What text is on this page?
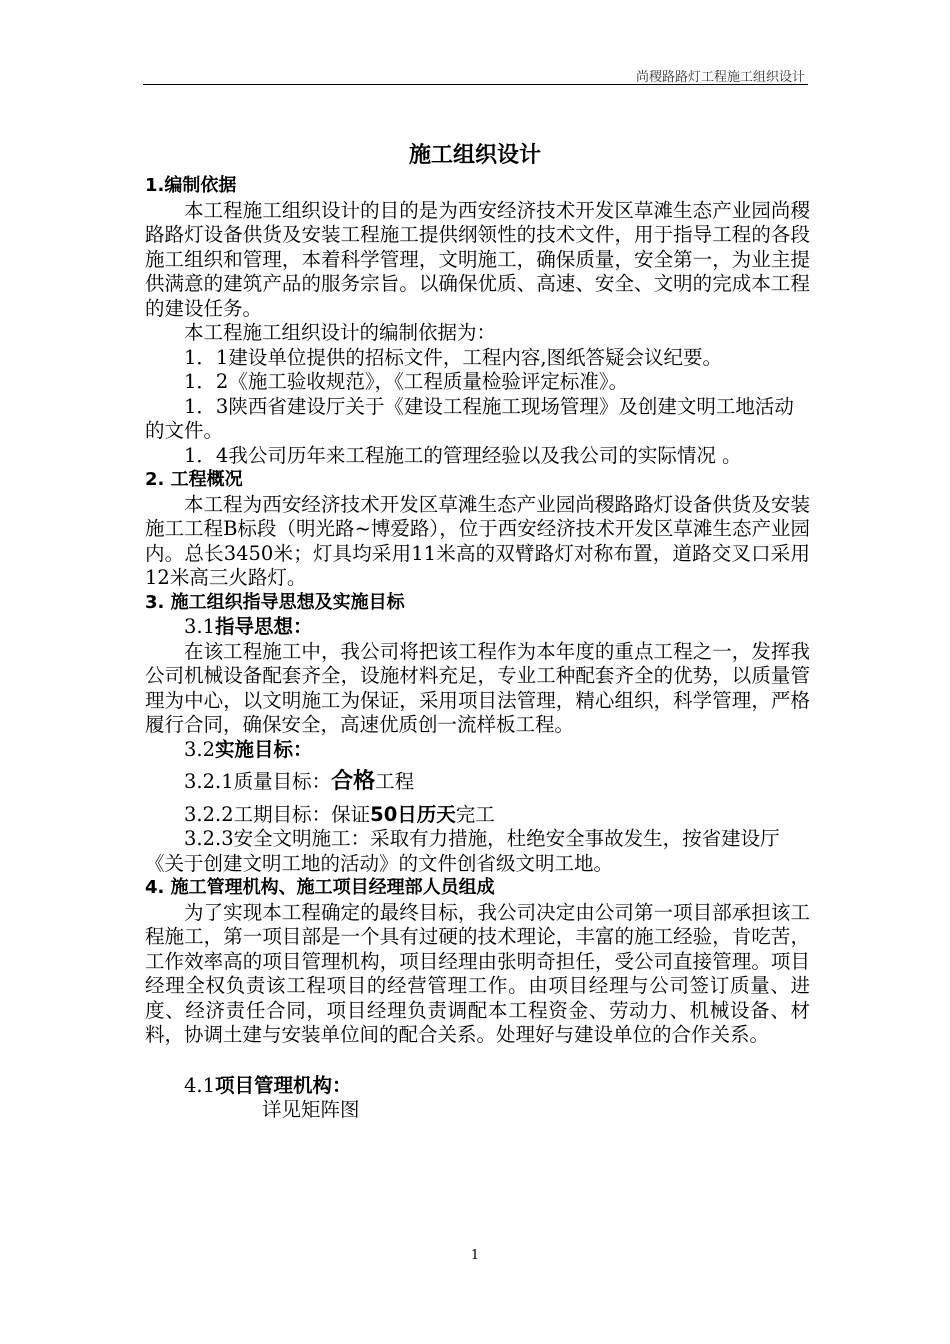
尚稷路路灯工程施工组织设计
施工组织设计
1.编制依据
本工程施工组织设计的目的是为西安经济技术开发区草滩生态产业园尚稷路路灯设备供货及安装工程施工提供纲领性的技术文件，用于指导工程的各段施工组织和管理，本着科学管理，文明施工，确保质量，安全第一，为业主提供满意的建筑产品的服务宗旨。以确保优质、高速、安全、文明的完成本工程的建设任务。
本工程施工组织设计的编制依据为：
1．1建设单位提供的招标文件，工程内容,图纸答疑会议纪要。
1．2《施工验收规范》，《工程质量检验评定标准》。
1．3陕西省建设厅关于《建设工程施工现场管理》及创建文明工地活动的文件。
1．4我公司历年来工程施工的管理经验以及我公司的实际情况 。
2. 工程概况
本工程为西安经济技术开发区草滩生态产业园尚稷路路灯设备供货及安装施工工程B标段（明光路~博爱路），位于西安经济技术开发区草滩生态产业园内。总长3450米；灯具均采用11米高的双臂路灯对称布置，道路交叉口采用12米高三火路灯。
3. 施工组织指导思想及实施目标
3.1指导思想：
在该工程施工中，我公司将把该工程作为本年度的重点工程之一，发挥我公司机械设备配套齐全，设施材料充足，专业工种配套齐全的优势，以质量管理为中心，以文明施工为保证，采用项目法管理，精心组织，科学管理，严格履行合同，确保安全，高速优质创一流样板工程。
3.2实施目标：
3.2.1质量目标：合格工程
3.2.2工期目标：保证50日历天完工
3.2.3安全文明施工：采取有力措施，杜绝安全事故发生，按省建设厅《关于创建文明工地的活动》的文件创省级文明工地。
4. 施工管理机构、施工项目经理部人员组成
为了实现本工程确定的最终目标，我公司决定由公司第一项目部承担该工程施工，第一项目部是一个具有过硬的技术理论，丰富的施工经验，肯吃苦，工作效率高的项目管理机构，项目经理由张明奇担任，受公司直接管理。项目经理全权负责该工程项目的经营管理工作。由项目经理与公司签订质量、进度、经济责任合同，项目经理负责调配本工程资金、劳动力、机械设备、材料，协调土建与安装单位间的配合关系。处理好与建设单位的合作关系。
4.1项目管理机构：
详见矩阵图
1
